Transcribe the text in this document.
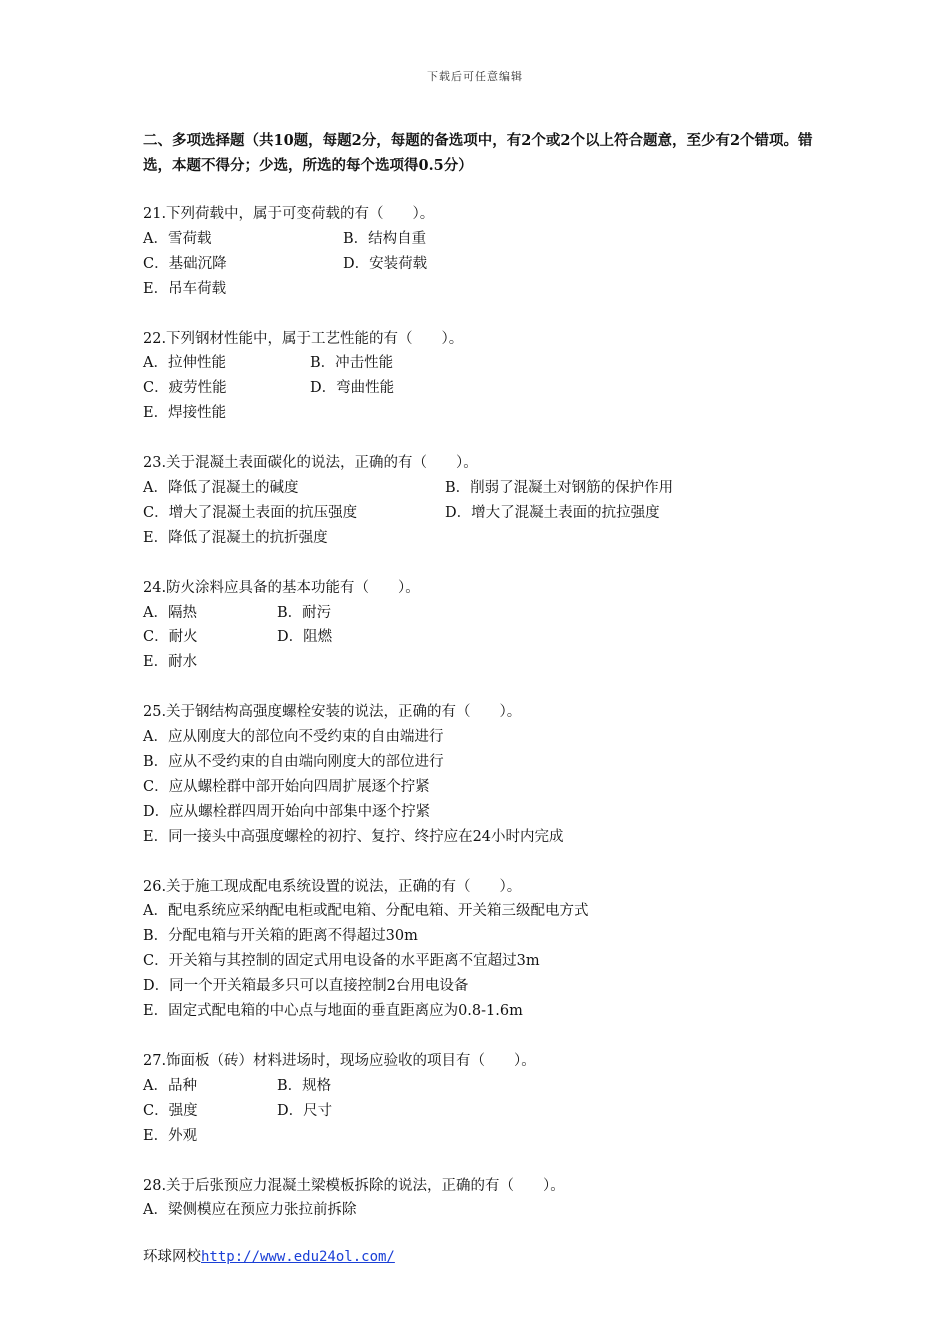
下载后可任意编辑
二、多项选择题（共10题，每题2分，每题的备选项中，有2个或2个以上符合题意，至少有2个错项。错选，本题不得分；少选，所选的每个选项得0.5分）
21.下列荷载中，属于可变荷载的有（　　）。
A．雪荷载	B．结构自重
C．基础沉降	D．安装荷载
E．吊车荷载
22.下列钢材性能中，属于工艺性能的有（　　）。
A．拉伸性能	B．冲击性能
C．疲劳性能	D．弯曲性能
E．焊接性能
23.关于混凝土表面碳化的说法，正确的有（　　）。
A．降低了混凝土的碱度	B．削弱了混凝土对钢筋的保护作用
C．增大了混凝土表面的抗压强度	D．增大了混凝土表面的抗拉强度
E．降低了混凝土的抗折强度
24.防火涂料应具备的基本功能有（　　）。
A．隔热	B．耐污
C．耐火	D．阻燃
E．耐水
25.关于钢结构高强度螺栓安装的说法，正确的有（　　）。
A．应从刚度大的部位向不受约束的自由端进行
B．应从不受约束的自由端向刚度大的部位进行
C．应从螺栓群中部开始向四周扩展逐个拧紧
D．应从螺栓群四周开始向中部集中逐个拧紧
E．同一接头中高强度螺栓的初拧、复拧、终拧应在24小时内完成
26.关于施工现成配电系统设置的说法，正确的有（　　）。
A．配电系统应采纳配电柜或配电箱、分配电箱、开关箱三级配电方式
B．分配电箱与开关箱的距离不得超过30m
C．开关箱与其控制的固定式用电设备的水平距离不宜超过3m
D．同一个开关箱最多只可以直接控制2台用电设备
E．固定式配电箱的中心点与地面的垂直距离应为0.8-1.6m
27.饰面板（砖）材料进场时，现场应验收的项目有（　　）。
A．品种	B．规格
C．强度	D．尺寸
E．外观
28.关于后张预应力混凝土梁模板拆除的说法，正确的有（　　）。
A．梁侧模应在预应力张拉前拆除
环球网校http://www.edu24ol.com/
